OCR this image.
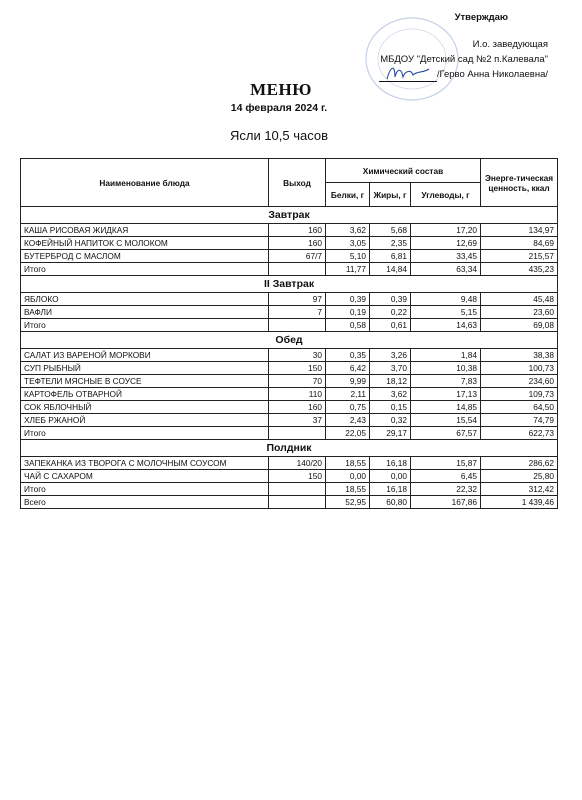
Утверждаю
И.о. заведующая
МБДОУ "Детский сад №2 п.Калевала"
/Герво Анна Николаевна/
МЕНЮ
14 февраля 2024 г.
Ясли 10,5 часов
Наименование блюда	Выход	Химический состав			Энерге-тическая ценность, ккал
		Белки, г	Жиры, г	Углеводы, г	
Завтрак					
КАША РИСОВАЯ ЖИДКАЯ	160	3,62	5,68	17,20	134,97
КОФЕЙНЫЙ НАПИТОК С МОЛОКОМ	160	3,05	2,35	12,69	84,69
БУТЕРБРОД С МАСЛОМ	67/7	5,10	6,81	33,45	215,57
Итого		11,77	14,84	63,34	435,23
II Завтрак					
ЯБЛОКО	97	0,39	0,39	9,48	45,48
ВАФЛИ	7	0,19	0,22	5,15	23,60
Итого		0,58	0,61	14,63	69,08
Обед					
САЛАТ ИЗ ВАРЕНОЙ МОРКОВИ	30	0,35	3,26	1,84	38,38
СУП РЫБНЫЙ	150	6,42	3,70	10,38	100,73
ТЕФТЕЛИ МЯСНЫЕ В СОУСЕ	70	9,99	18,12	7,83	234,60
КАРТОФЕЛЬ ОТВАРНОЙ	110	2,11	3,62	17,13	109,73
СОК ЯБЛОЧНЫЙ	160	0,75	0,15	14,85	64,50
ХЛЕБ РЖАНОЙ	37	2,43	0,32	15,54	74,79
Итого		22,05	29,17	67,57	622,73
Полдник					
ЗАПЕКАНКА ИЗ ТВОРОГА С МОЛОЧНЫМ СОУСОМ	140/20	18,55	16,18	15,87	286,62
ЧАЙ С САХАРОМ	150	0,00	0,00	6,45	25,80
Итого		18,55	16,18	22,32	312,42
Всего		52,95	60,80	167,86	1 439,46
